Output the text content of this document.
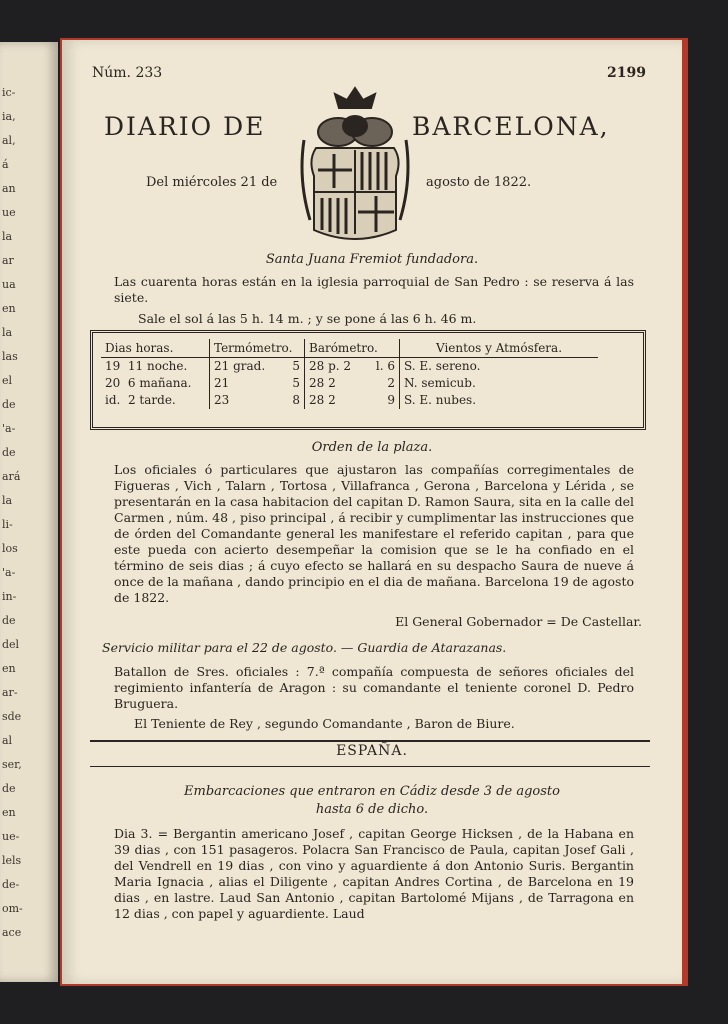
ic-
ia,
al,
á
an
ue
la
ar
ua
en
la
las
el
de
'a-
de
ará
la
li-
los
'a-
in-
de
del
en
ar-
sde
al
ser,
de
en
ue-
lels
de-
om-
ace
Núm. 233	2199
DIARIO DE	BARCELONA,
Del miércoles 21 de	agosto de 1822.
Santa Juana Fremiot fundadora.
Las cuarenta horas están en la iglesia parroquial de San Pedro : se reserva á las siete.
Sale el sol á las 5 h. 14 m. ; y se pone á las 6 h. 46 m.
Dias horas.	Termómetro.	Barómetro.	Vientos y Atmósfera.
19 11 noche.	21 grad. 5	28 p. 2 l. 6	S. E. sereno.
20 6 mañana.	21 5	28 2 2	N. semicub.
id. 2 tarde.	23 8	28 2 9	S. E. nubes.
Orden de la plaza.
Los oficiales ó particulares que ajustaron las compañías corregimentales de Figueras , Vich , Talarn , Tortosa , Villafranca , Gerona , Barcelona y Lérida , se presentarán en la casa habitacion del capitan D. Ramon Saura, sita en la calle del Carmen , núm. 48 , piso principal , á recibir y cumplimentar las instrucciones que de órden del Comandante general les manifestare el referido capitan , para que este pueda con acierto desempeñar la comision que se le ha confiado en el término de seis dias ; á cuyo efecto se hallará en su despacho Saura de nueve á once de la mañana , dando principio en el dia de mañana. Barcelona 19 de agosto de 1822.
El General Gobernador = De Castellar.
Servicio militar para el 22 de agosto. — Guardia de Atarazanas.
Batallon de Sres. oficiales : 7.ª compañía compuesta de señores oficiales del regimiento infantería de Aragon : su comandante el teniente coronel D. Pedro Bruguera.
El Teniente de Rey , segundo Comandante , Baron de Biure.
ESPAÑA.
Embarcaciones que entraron en Cádiz desde 3 de agosto
hasta 6 de dicho.
Dia 3. = Bergantin americano Josef , capitan George Hicksen , de la Habana en 39 dias , con 151 pasageros. Polacra San Francisco de Paula, capitan Josef Gali , del Vendrell en 19 dias , con vino y aguardiente á don Antonio Suris. Bergantin Maria Ignacia , alias el Diligente , capitan Andres Cortina , de Barcelona en 19 dias , en lastre. Laud San Antonio , capitan Bartolomé Mijans , de Tarragona en 12 dias , con papel y aguardiente. Laud
